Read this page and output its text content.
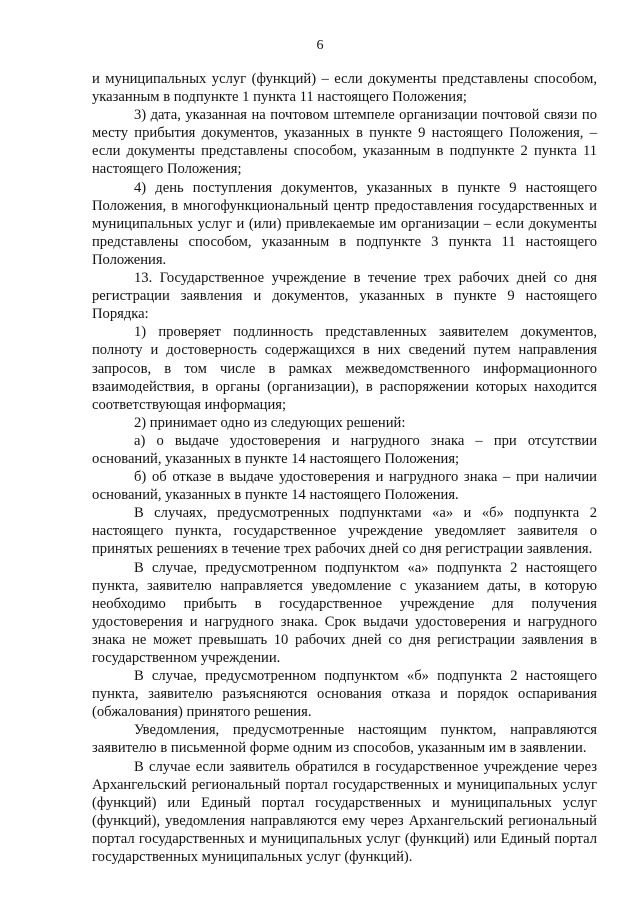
6

и муниципальных услуг (функций) – если документы представлены способом, указанным в подпункте 1 пункта 11 настоящего Положения;

3) дата, указанная на почтовом штемпеле организации почтовой связи по месту прибытия документов, указанных в пункте 9 настоящего Положения, – если документы представлены способом, указанным в подпункте 2 пункта 11 настоящего Положения;

4) день поступления документов, указанных в пункте 9 настоящего Положения, в многофункциональный центр предоставления государственных и муниципальных услуг и (или) привлекаемые им организации – если документы представлены способом, указанным в подпункте 3 пункта 11 настоящего Положения.

13. Государственное учреждение в течение трех рабочих дней со дня регистрации заявления и документов, указанных в пункте 9 настоящего Порядка:

1) проверяет подлинность представленных заявителем документов, полноту и достоверность содержащихся в них сведений путем направления запросов, в том числе в рамках межведомственного информационного взаимодействия, в органы (организации), в распоряжении которых находится соответствующая информация;

2) принимает одно из следующих решений:

а) о выдаче удостоверения и нагрудного знака – при отсутствии оснований, указанных в пункте 14 настоящего Положения;

б) об отказе в выдаче удостоверения и нагрудного знака – при наличии оснований, указанных в пункте 14 настоящего Положения.

В случаях, предусмотренных подпунктами «а» и «б» подпункта 2 настоящего пункта, государственное учреждение уведомляет заявителя о принятых решениях в течение трех рабочих дней со дня регистрации заявления.

В случае, предусмотренном подпунктом «а» подпункта 2 настоящего пункта, заявителю направляется уведомление с указанием даты, в которую необходимо прибыть в государственное учреждение для получения удостоверения и нагрудного знака. Срок выдачи удостоверения и нагрудного знака не может превышать 10 рабочих дней со дня регистрации заявления в государственном учреждении.

В случае, предусмотренном подпунктом «б» подпункта 2 настоящего пункта, заявителю разъясняются основания отказа и порядок оспаривания (обжалования) принятого решения.

Уведомления, предусмотренные настоящим пунктом, направляются заявителю в письменной форме одним из способов, указанным им в заявлении.

В случае если заявитель обратился в государственное учреждение через Архангельский региональный портал государственных и муниципальных услуг (функций) или Единый портал государственных и муниципальных услуг (функций), уведомления направляются ему через Архангельский региональный портал государственных и муниципальных услуг (функций) или Единый портал государственных муниципальных услуг (функций).
